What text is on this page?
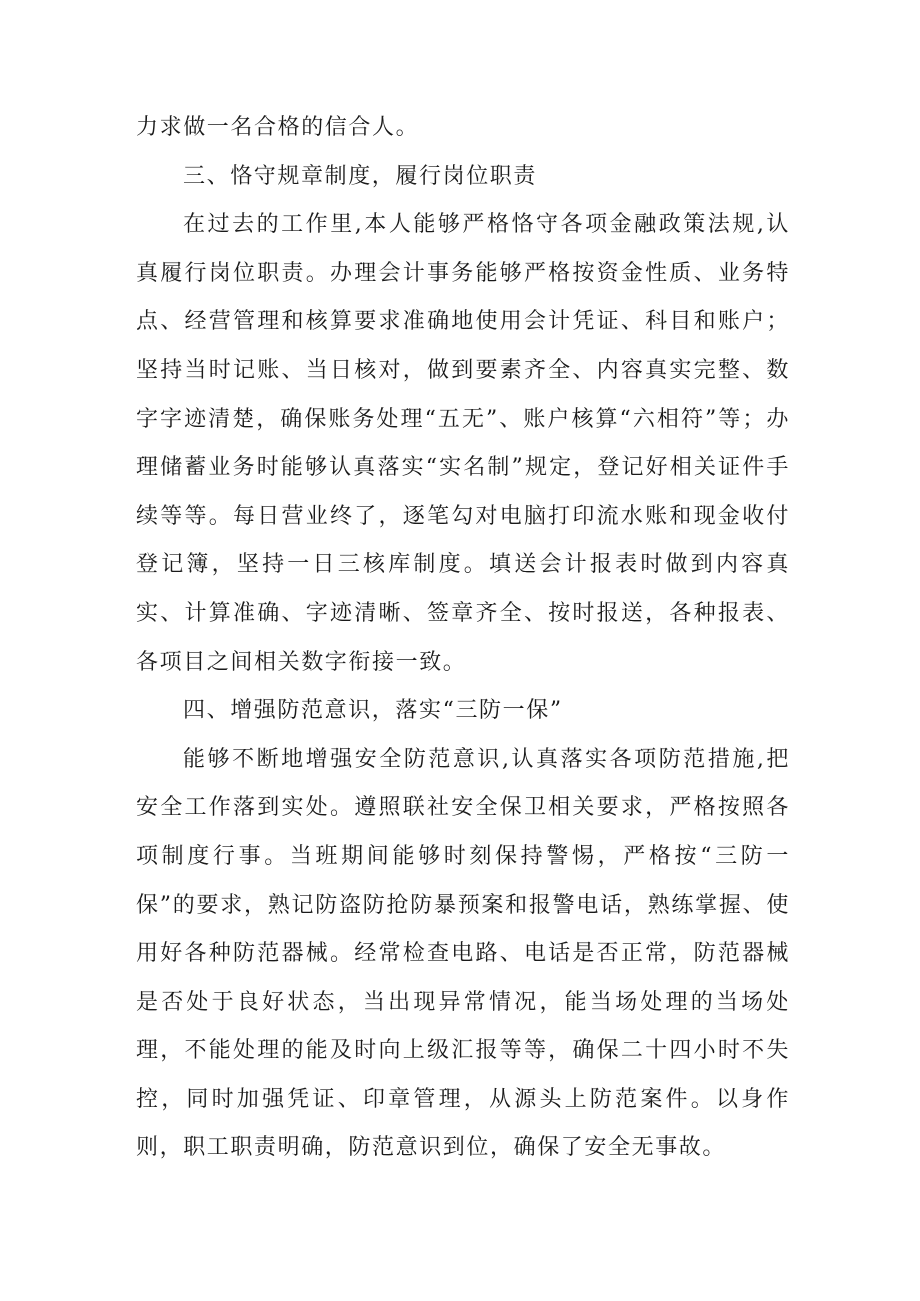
力求做一名合格的信合人。

三、恪守规章制度，履行岗位职责

在过去的工作里,本人能够严格恪守各项金融政策法规,认真履行岗位职责。办理会计事务能够严格按资金性质、业务特点、经营管理和核算要求准确地使用会计凭证、科目和账户；坚持当时记账、当日核对，做到要素齐全、内容真实完整、数字字迹清楚，确保账务处理“五无”、账户核算“六相符”等；办理储蓄业务时能够认真落实“实名制”规定，登记好相关证件手续等等。每日营业终了，逐笔勾对电脑打印流水账和现金收付登记簿，坚持一日三核库制度。填送会计报表时做到内容真实、计算准确、字迹清晰、签章齐全、按时报送，各种报表、各项目之间相关数字衔接一致。

四、增强防范意识，落实“三防一保”

能够不断地增强安全防范意识,认真落实各项防范措施,把安全工作落到实处。遵照联社安全保卫相关要求，严格按照各项制度行事。当班期间能够时刻保持警惕，严格按“三防一保”的要求，熟记防盗防抢防暴预案和报警电话，熟练掌握、使用好各种防范器械。经常检查电路、电话是否正常，防范器械是否处于良好状态，当出现异常情况，能当场处理的当场处理，不能处理的能及时向上级汇报等等，确保二十四小时不失控，同时加强凭证、印章管理，从源头上防范案件。以身作则，职工职责明确，防范意识到位，确保了安全无事故。
